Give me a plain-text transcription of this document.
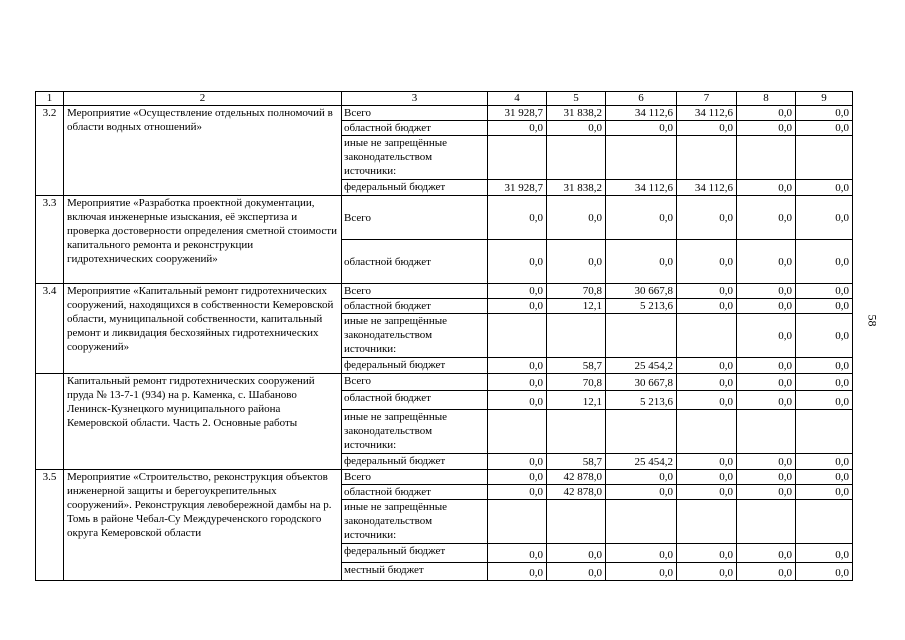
1	2	3	4	5	6	7	8	9
3.2	Мероприятие «Осуществление отдельных полномочий в области водных отношений»	Всего	31 928,7	31 838,2	34 112,6	34 112,6	0,0	0,0
		областной бюджет	0,0	0,0	0,0	0,0	0,0	0,0
		иные не запрещённые законодательством источники:						
		федеральный бюджет	31 928,7	31 838,2	34 112,6	34 112,6	0,0	0,0
3.3	Мероприятие «Разработка проектной документации, включая инженерные изыскания, её экспертиза и проверка достоверности определения сметной стоимости капитального ремонта и реконструкции гидротехнических сооружений»	Всего	0,0	0,0	0,0	0,0	0,0	0,0
		областной бюджет	0,0	0,0	0,0	0,0	0,0	0,0
3.4	Мероприятие «Капитальный ремонт гидротехнических сооружений, находящихся в собственности Кемеровской области, муниципальной собственности, капитальный ремонт и ликвидация бесхозяйных гидротехнических сооружений»	Всего	0,0	70,8	30 667,8	0,0	0,0	0,0
		областной бюджет	0,0	12,1	5 213,6	0,0	0,0	0,0
		иные не запрещённые законодательством источники:					0,0	0,0
		федеральный бюджет	0,0	58,7	25 454,2	0,0	0,0	0,0
	Капитальный ремонт гидротехнических сооружений пруда № 13-7-1 (934) на р. Каменка, с. Шабаново Ленинск-Кузнецкого муниципального района Кемеровской области. Часть 2. Основные работы	Всего	0,0	70,8	30 667,8	0,0	0,0	0,0
		областной бюджет	0,0	12,1	5 213,6	0,0	0,0	0,0
		иные не запрещённые законодательством источники:						
		федеральный бюджет	0,0	58,7	25 454,2	0,0	0,0	0,0
3.5	Мероприятие «Строительство, реконструкция объектов инженерной защиты и берегоукрепительных сооружений». Реконструкция левобережной дамбы на р. Томь в районе Чебал-Су Междуреченского городского округа Кемеровской области	Всего	0,0	42 878,0	0,0	0,0	0,0	0,0
		областной бюджет	0,0	42 878,0	0,0	0,0	0,0	0,0
		иные не запрещённые законодательством источники:						
		федеральный бюджет	0,0	0,0	0,0	0,0	0,0	0,0
		местный бюджет	0,0	0,0	0,0	0,0	0,0	0,0
58
